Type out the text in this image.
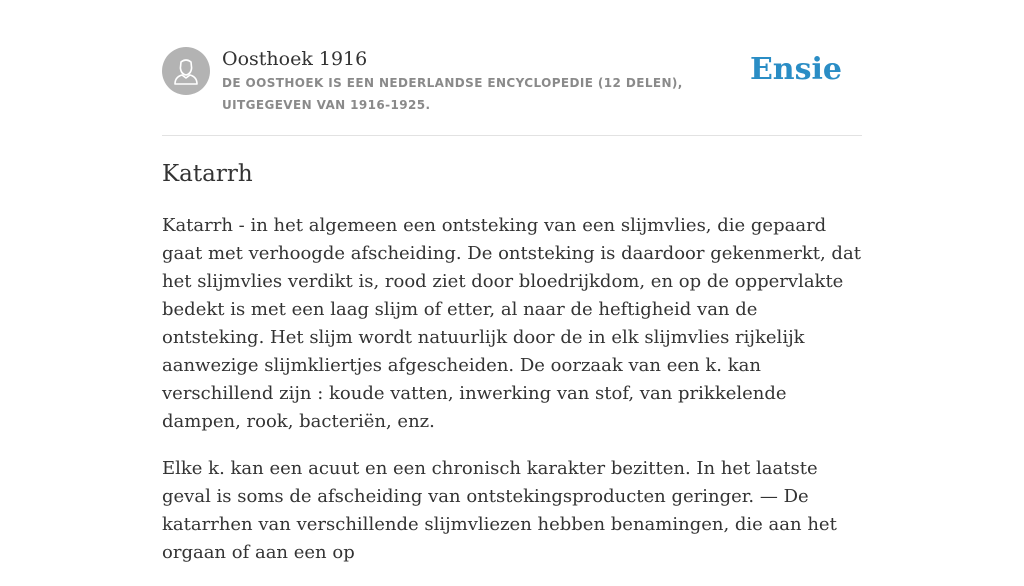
Oosthoek 1916
DE OOSTHOEK IS EEN NEDERLANDSE ENCYCLOPEDIE (12 DELEN), UITGEGEVEN VAN 1916-1925.
Ensie
Katarrh

Katarrh - in het algemeen een ontsteking van een slijmvlies, die gepaard gaat met verhoogde afscheiding. De ontsteking is daardoor gekenmerkt, dat het slijmvlies verdikt is, rood ziet door bloedrijkdom, en op de oppervlakte bedekt is met een laag slijm of etter, al naar de heftigheid van de ontsteking. Het slijm wordt natuurlijk door de in elk slijmvlies rijkelijk aanwezige slijmkliertjes afgescheiden. De oorzaak van een k. kan verschillend zijn : koude vatten, inwerking van stof, van prikkelende dampen, rook, bacteriën, enz.

Elke k. kan een acuut en een chronisch karakter bezitten. In het laatste geval is soms de afscheiding van ontstekingsproducten geringer. — De katarrhen van verschillende slijmvliezen hebben benamingen, die aan het orgaan of aan een op
